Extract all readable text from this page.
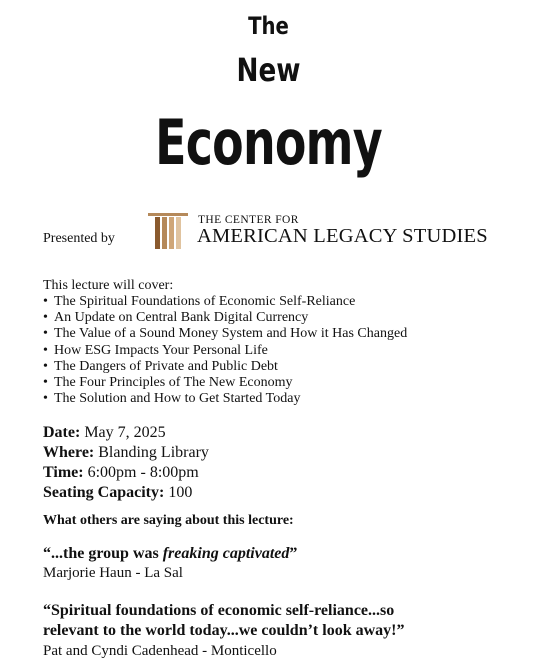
The
New
Economy
Presented by
THE CENTER FOR
AMERICAN LEGACY STUDIES
This lecture will cover:
• The Spiritual Foundations of Economic Self-Reliance
• An Update on Central Bank Digital Currency
• The Value of a Sound Money System and How it Has Changed
• How ESG Impacts Your Personal Life
• The Dangers of Private and Public Debt
• The Four Principles of The New Economy
• The Solution and How to Get Started Today
Date: May 7, 2025
Where: Blanding Library
Time: 6:00pm - 8:00pm
Seating Capacity: 100
What others are saying about this lecture:
“...the group was freaking captivated”
Marjorie Haun - La Sal
“Spiritual foundations of economic self-reliance...so
relevant to the world today...we couldn’t look away!”
Pat and Cyndi Cadenhead - Monticello
